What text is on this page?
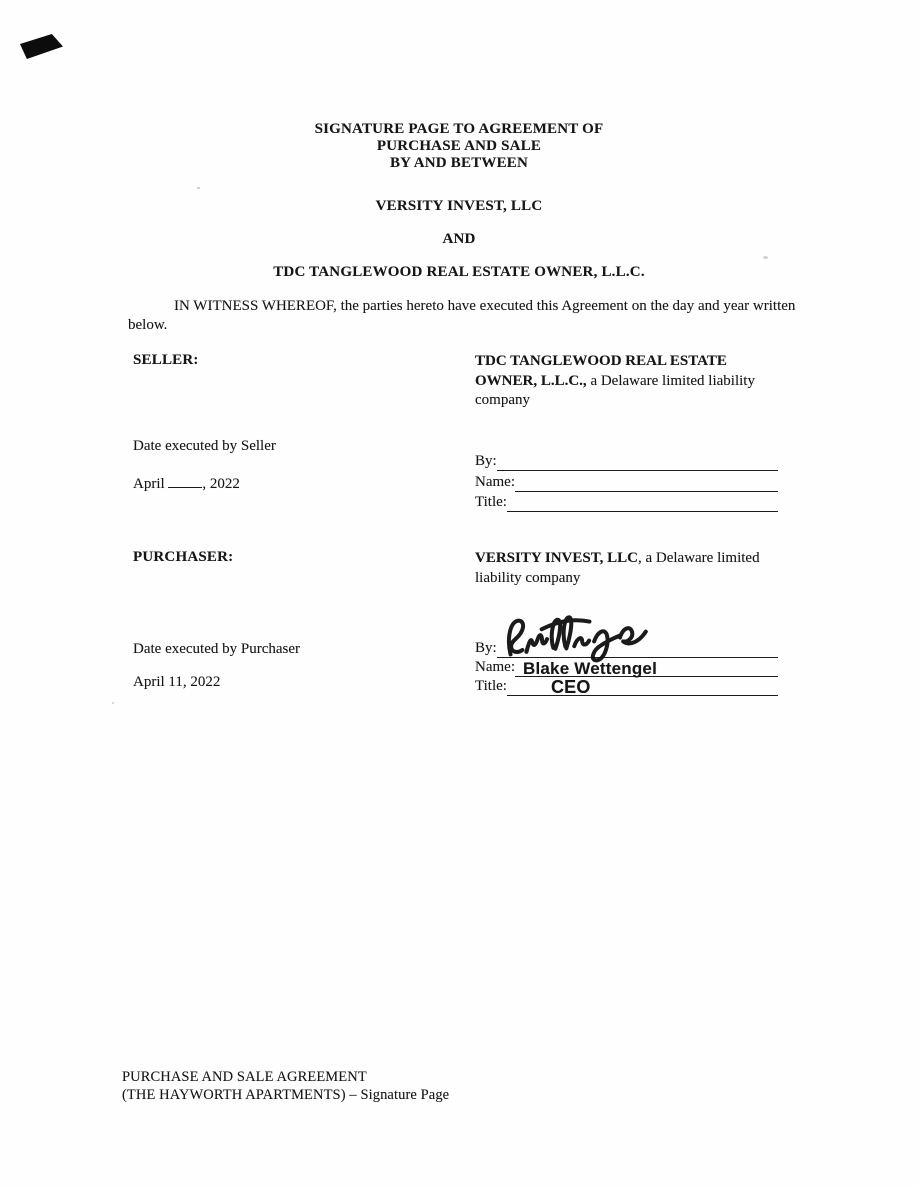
SIGNATURE PAGE TO AGREEMENT OF
PURCHASE AND SALE
BY AND BETWEEN
VERSITY INVEST, LLC
AND
TDC TANGLEWOOD REAL ESTATE OWNER, L.L.C.

IN WITNESS WHEREOF, the parties hereto have executed this Agreement on the day and year written below.

SELLER:	TDC TANGLEWOOD REAL ESTATE OWNER, L.L.C., a Delaware limited liability company
Date executed by Seller
April	, 2022
By:
Name:
Title:
PURCHASER:	VERSITY INVEST, LLC, a Delaware limited liability company
Date executed by Purchaser
April 11, 2022
By:
Name: Blake Wettengel
Title:	CEO
PURCHASE AND SALE AGREEMENT
(THE HAYWORTH APARTMENTS) – Signature Page
